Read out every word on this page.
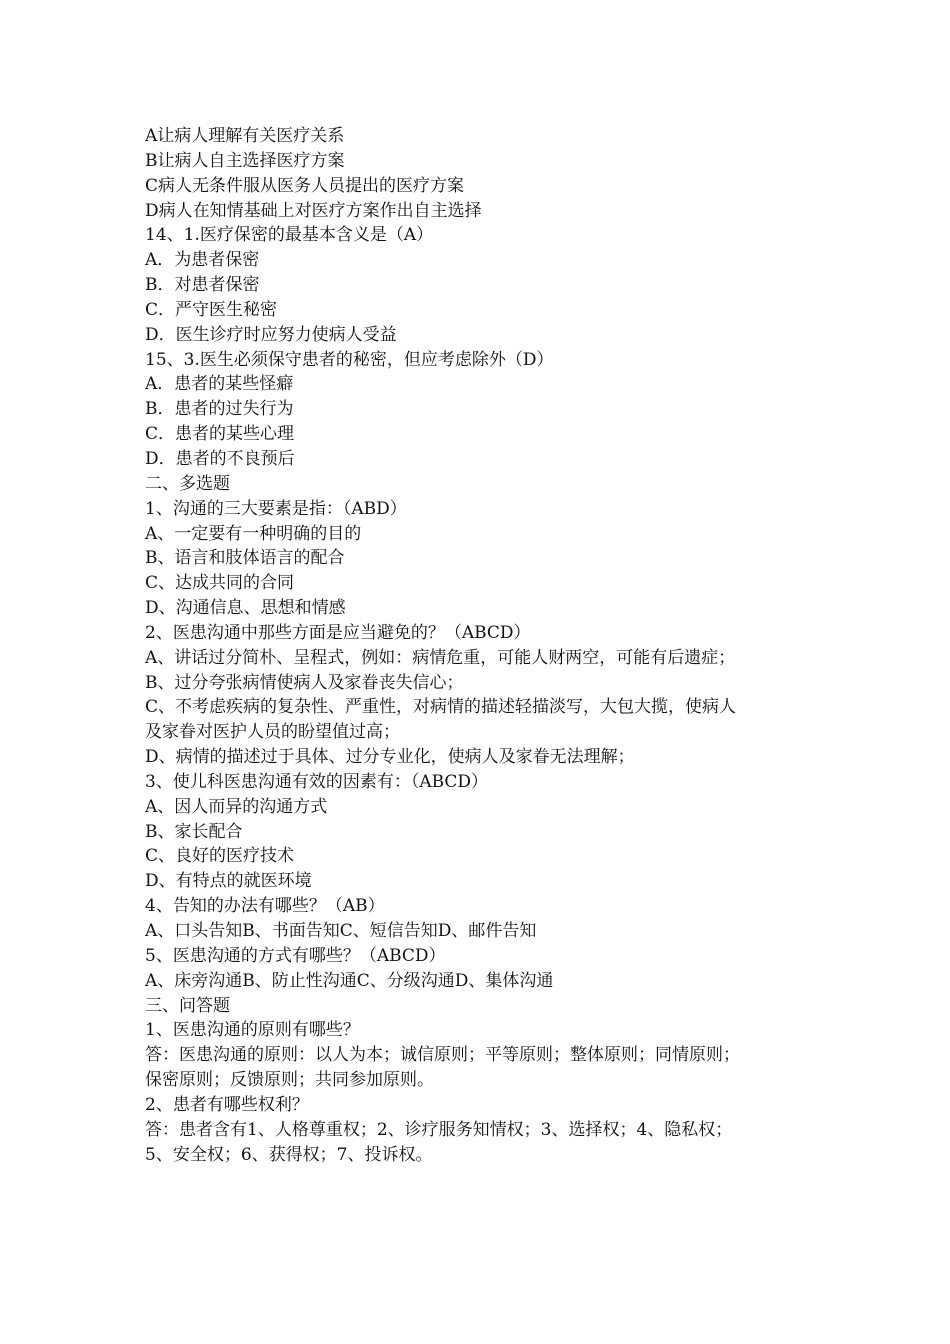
A让病人理解有关医疗关系

B让病人自主选择医疗方案

C病人无条件服从医务人员提出的医疗方案

D病人在知情基础上对医疗方案作出自主选择

14、1.医疗保密的最基本含义是（A）

A．为患者保密

B．对患者保密

C．严守医生秘密

D．医生诊疗时应努力使病人受益

15、3.医生必须保守患者的秘密，但应考虑除外（D）

A．患者的某些怪癖

B．患者的过失行为

C．患者的某些心理

D．患者的不良预后

二、多选题

1、沟通的三大要素是指：（ABD）

A、一定要有一种明确的目的

B、语言和肢体语言的配合

C、达成共同的合同

D、沟通信息、思想和情感

2、医患沟通中那些方面是应当避免的？（ABCD）

A、讲话过分简朴、呈程式，例如：病情危重，可能人财两空，可能有后遗症；

B、过分夸张病情使病人及家眷丧失信心；

C、不考虑疾病的复杂性、严重性，对病情的描述轻描淡写，大包大揽，使病人

及家眷对医护人员的盼望值过高；

D、病情的描述过于具体、过分专业化，使病人及家眷无法理解；

3、使儿科医患沟通有效的因素有：（ABCD）

A、因人而异的沟通方式

B、家长配合

C、良好的医疗技术

D、有特点的就医环境

4、告知的办法有哪些？（AB）

A、口头告知B、书面告知C、短信告知D、邮件告知

5、医患沟通的方式有哪些？（ABCD）

A、床旁沟通B、防止性沟通C、分级沟通D、集体沟通

三、问答题

1、医患沟通的原则有哪些？

答：医患沟通的原则：以人为本；诚信原则；平等原则；整体原则；同情原则；

保密原则；反馈原则；共同参加原则。

2、患者有哪些权利？

答：患者含有1、人格尊重权；2、诊疗服务知情权；3、选择权；4、隐私权；

5、安全权；6、获得权；7、投诉权。
